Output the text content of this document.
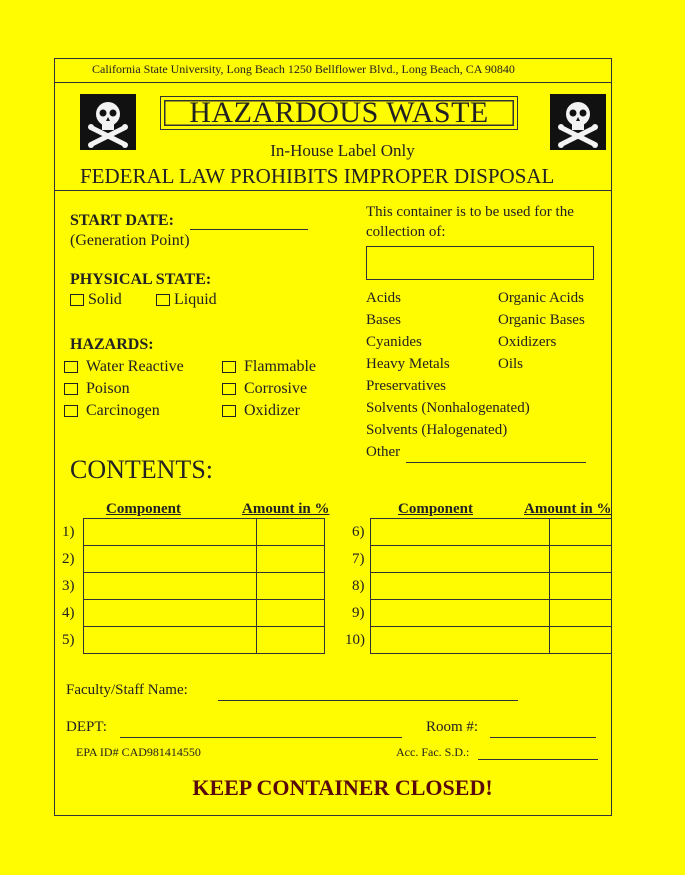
California State University, Long Beach 1250 Bellflower Blvd., Long Beach, CA 90840
HAZARDOUS WASTE
In-House Label Only
FEDERAL LAW PROHIBITS IMPROPER DISPOSAL
START DATE:
(Generation Point)
PHYSICAL STATE:
Solid	Liquid
HAZARDS:
Water Reactive
Poison
Carcinogen
Flammable
Corrosive
Oxidizer
This container is to be used for the
collection of:
Acids
Bases
Cyanides
Heavy Metals
Preservatives
Organic Acids
Organic Bases
Oxidizers
Oils
Solvents (Nonhalogenated)
Solvents (Halogenated)
Other
CONTENTS:
Component	Amount in %	Component	Amount in %
1)
2)
3)
4)
5)

6)
7)
8)
9)
10)

Faculty/Staff Name:
DEPT:	Room #:
EPA ID# CAD981414550	Acc. Fac. S.D.:
KEEP CONTAINER CLOSED!
